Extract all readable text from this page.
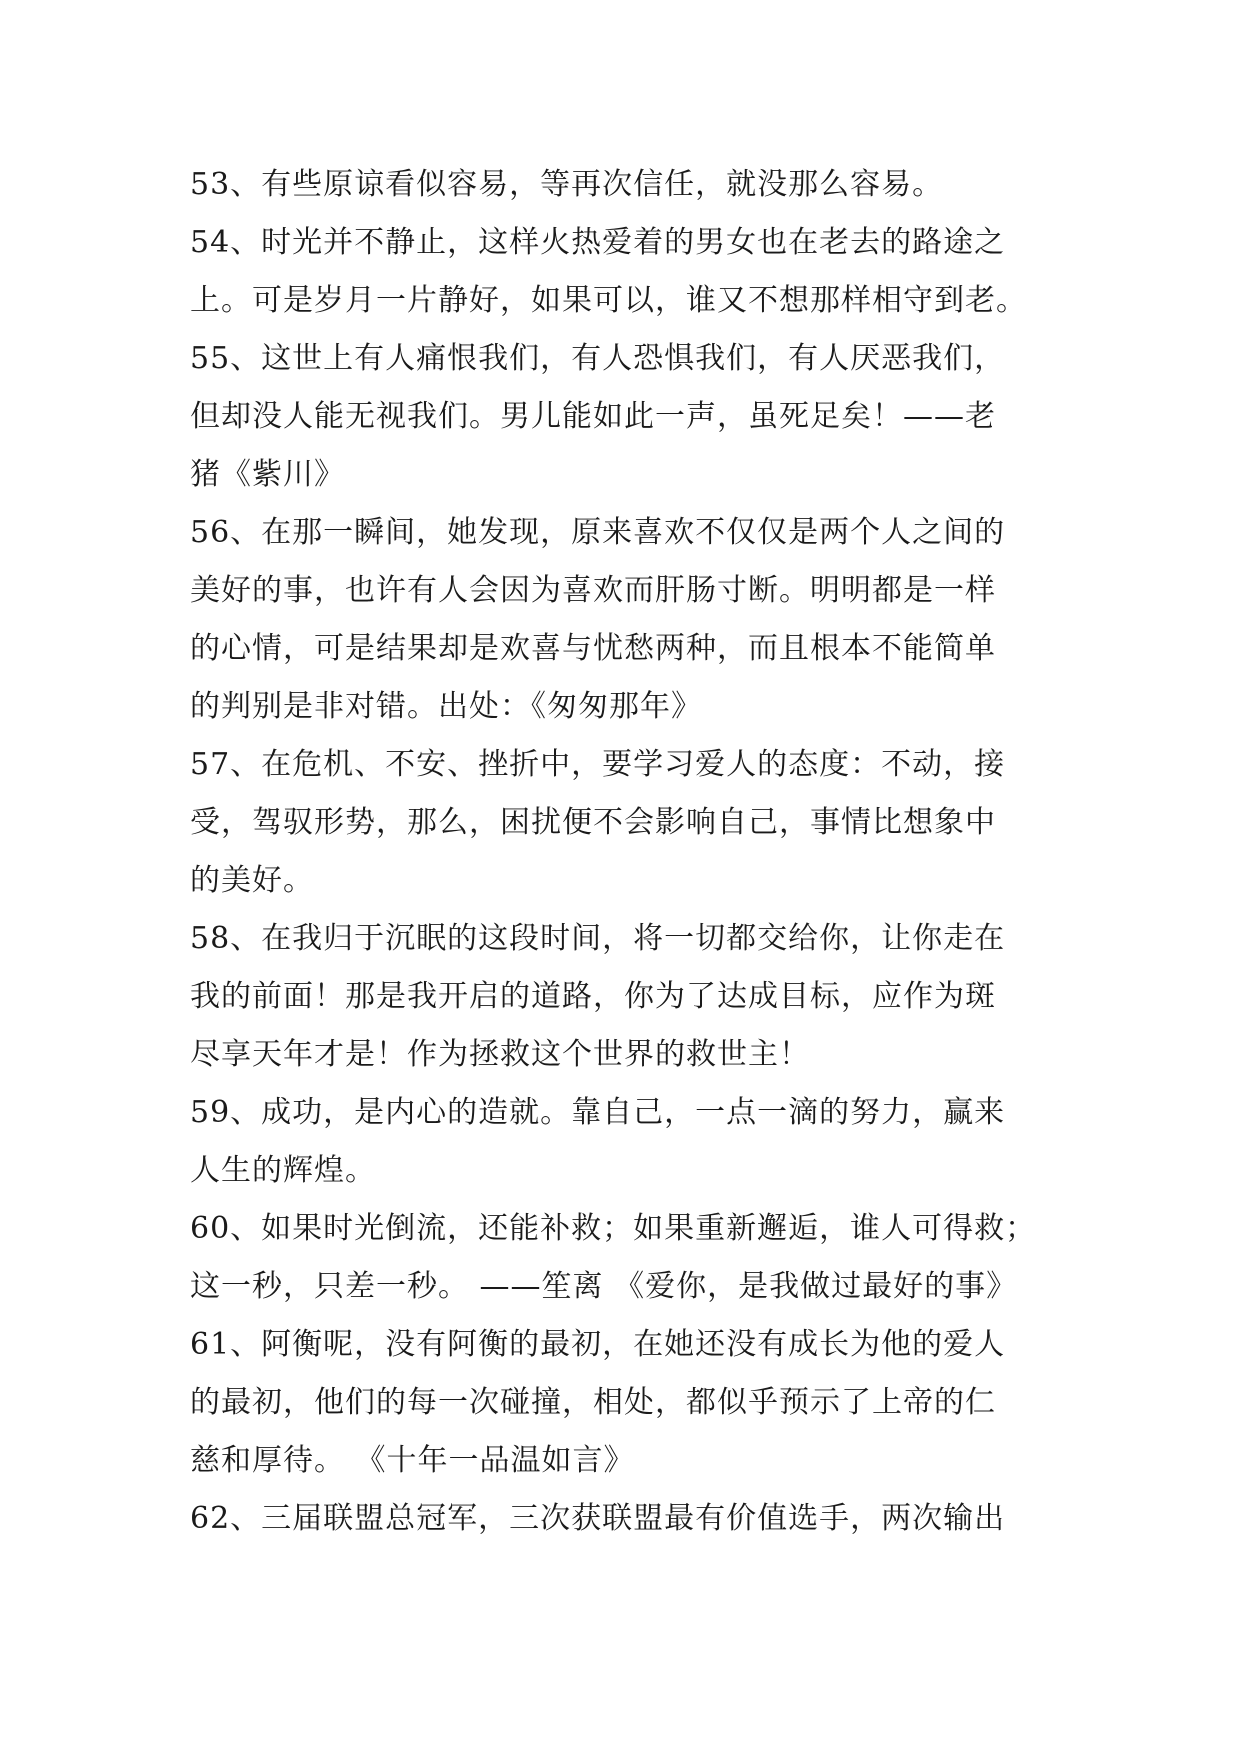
53、有些原谅看似容易，等再次信任，就没那么容易。
54、时光并不静止，这样火热爱着的男女也在老去的路途之
上。可是岁月一片静好，如果可以，谁又不想那样相守到老。
55、这世上有人痛恨我们，有人恐惧我们，有人厌恶我们，
但却没人能无视我们。男儿能如此一声，虽死足矣！——老
猪《紫川》
56、在那一瞬间，她发现，原来喜欢不仅仅是两个人之间的
美好的事，也许有人会因为喜欢而肝肠寸断。明明都是一样
的心情，可是结果却是欢喜与忧愁两种，而且根本不能简单
的判别是非对错。出处：《匆匆那年》
57、在危机、不安、挫折中，要学习爱人的态度：不动，接
受，驾驭形势，那么，困扰便不会影响自己，事情比想象中
的美好。
58、在我归于沉眠的这段时间，将一切都交给你，让你走在
我的前面！那是我开启的道路，你为了达成目标，应作为斑
尽享天年才是！作为拯救这个世界的救世主！
59、成功，是内心的造就。靠自己，一点一滴的努力，赢来
人生的辉煌。
60、如果时光倒流，还能补救；如果重新邂逅，谁人可得救；
这一秒，只差一秒。 ——笙离 《爱你，是我做过最好的事》
61、阿衡呢，没有阿衡的最初，在她还没有成长为他的爱人
的最初，他们的每一次碰撞，相处，都似乎预示了上帝的仁
慈和厚待。 《十年一品温如言》
62、三届联盟总冠军，三次获联盟最有价值选手，两次输出
